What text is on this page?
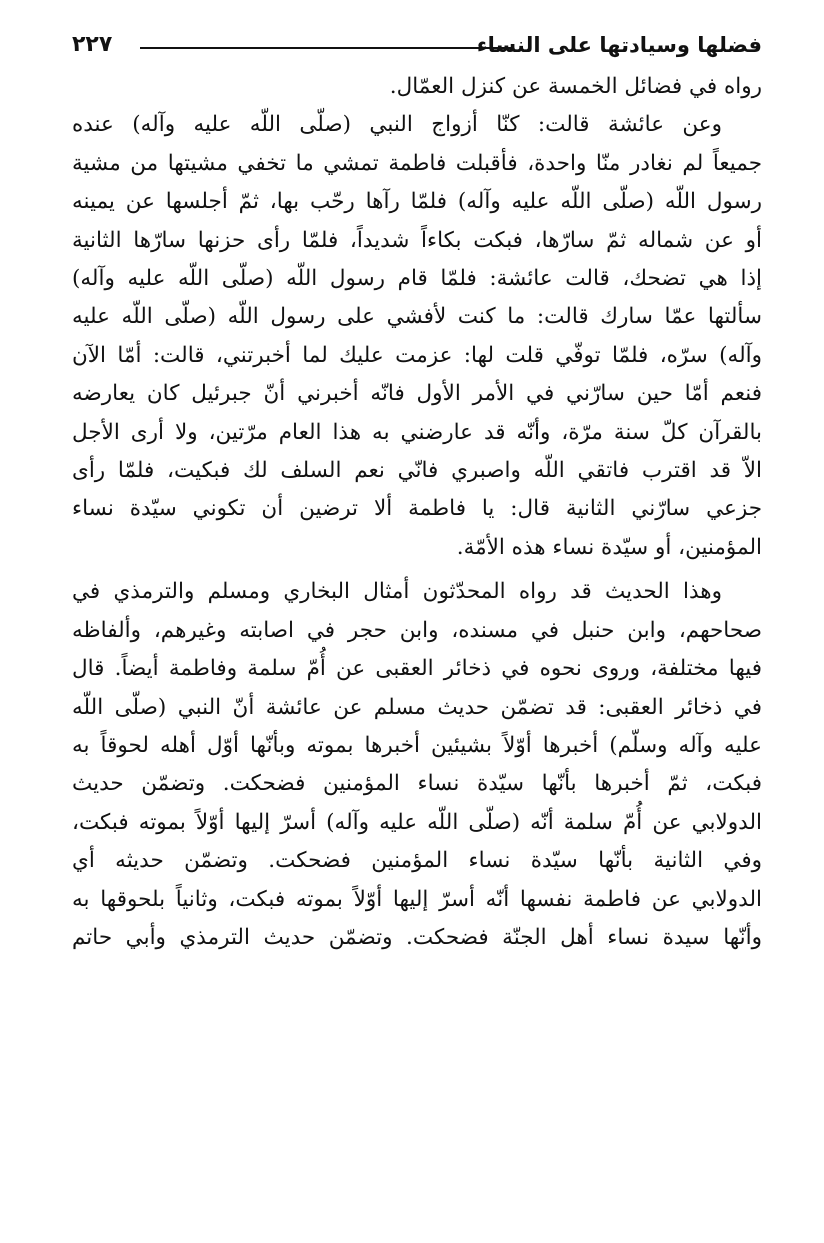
فضلها وسيادتها على النساء
٢٢٧
رواه في فضائل الخمسة عن كنزل العمّال.
وعن عائشة قالت: كنّا أزواج النبي (صلّى اللّه عليه وآله) عنده
جميعاً لم نغادر منّا واحدة، فأقبلت فاطمة تمشي ما تخفي مشيتها من مشية
رسول اللّه (صلّى اللّه عليه وآله) فلمّا رآها رحّب بها، ثمّ أجلسها عن يمينه
أو عن شماله ثمّ سارّها، فبكت بكاءاً شديداً، فلمّا رأى حزنها سارّها الثانية
إذا هي تضحك، قالت عائشة: فلمّا قام رسول اللّه (صلّى اللّه عليه وآله)
سألتها عمّا سارك قالت: ما كنت لأفشي على رسول اللّه (صلّى اللّه عليه
وآله) سرّه، فلمّا توفّي قلت لها: عزمت عليك لما أخبرتني، قالت: أمّا الآن
فنعم أمّا حين سارّني في الأمر الأول فانّه أخبرني أنّ جبرئيل كان يعارضه
بالقرآن كلّ سنة مرّة، وأنّه قد عارضني به هذا العام مرّتين، ولا أرى الأجل
الاّ قد اقترب فاتقي اللّه واصبري فانّي نعم السلف لك فبكيت، فلمّا رأى
جزعي سارّني الثانية قال: يا فاطمة ألا ترضين أن تكوني سيّدة نساء
المؤمنين، أو سيّدة نساء هذه الأمّة.
وهذا الحديث قد رواه المحدّثون أمثال البخاري ومسلم والترمذي في
صحاحهم، وابن حنبل في مسنده، وابن حجر في اصابته وغيرهم، وألفاظه
فيها مختلفة، وروى نحوه في ذخائر العقبى عن أُمّ سلمة وفاطمة أيضاً. قال
في ذخائر العقبى: قد تضمّن حديث مسلم عن عائشة أنّ النبي (صلّى اللّه
عليه وآله وسلّم) أخبرها أوّلاً بشيئين أخبرها بموته وبأنّها أوّل أهله لحوقاً به
فبكت، ثمّ أخبرها بأنّها سيّدة نساء المؤمنين فضحكت. وتضمّن حديث
الدولابي عن أُمّ سلمة أنّه (صلّى اللّه عليه وآله) أسرّ إليها أوّلاً بموته فبكت،
وفي الثانية بأنّها سيّدة نساء المؤمنين فضحكت. وتضمّن حديثه أي
الدولابي عن فاطمة نفسها أنّه أسرّ إليها أوّلاً بموته فبكت، وثانياً بلحوقها به
وأنّها سيدة نساء أهل الجنّة فضحكت. وتضمّن حديث الترمذي وأبي حاتم
